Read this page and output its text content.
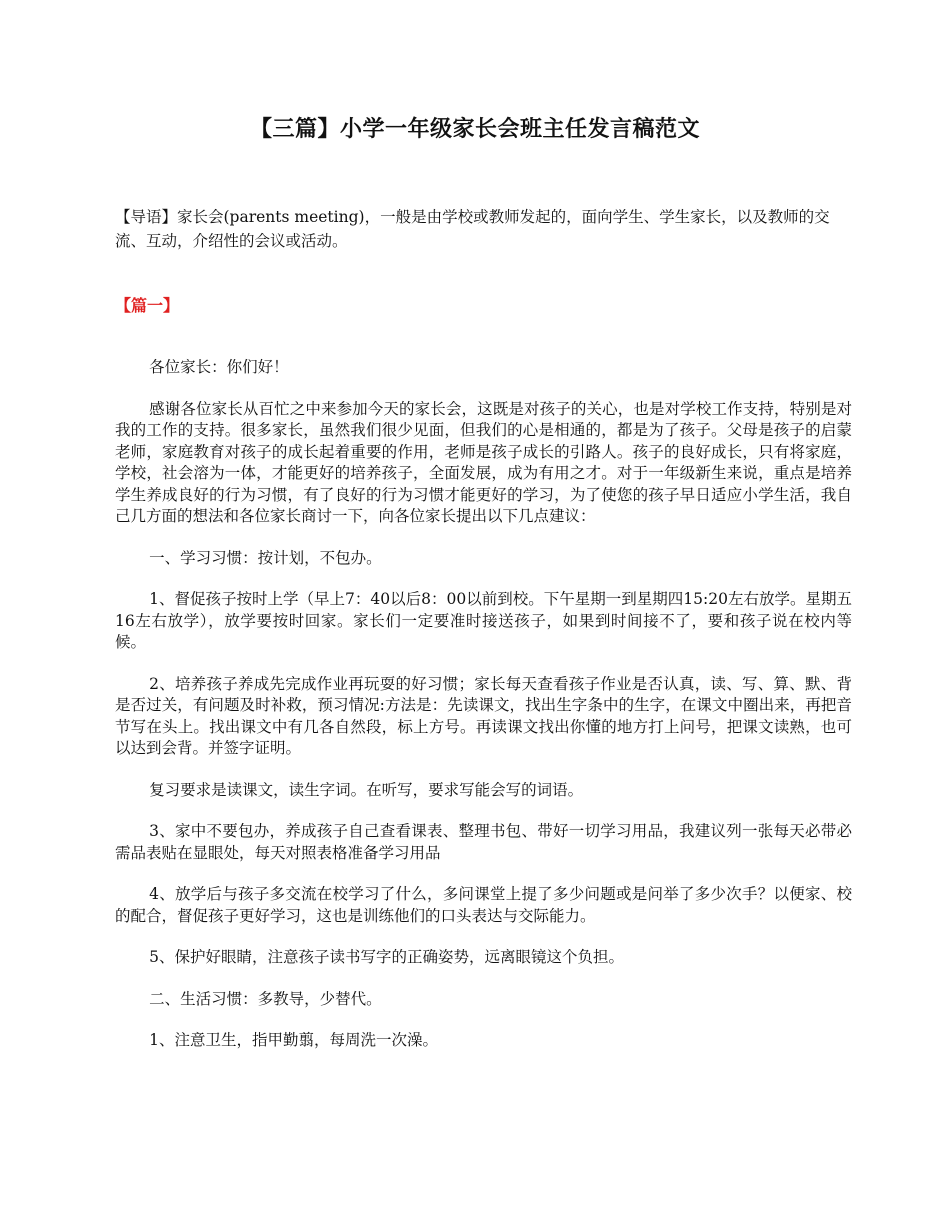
【三篇】小学一年级家长会班主任发言稿范文
【导语】家长会(parents meeting)，一般是由学校或教师发起的，面向学生、学生家长，以及教师的交流、互动，介绍性的会议或活动。
【篇一】

各位家长：你们好！

感谢各位家长从百忙之中来参加今天的家长会，这既是对孩子的关心，也是对学校工作支持，特别是对我的工作的支持。很多家长，虽然我们很少见面，但我们的心是相通的，都是为了孩子。父母是孩子的启蒙老师，家庭教育对孩子的成长起着重要的作用，老师是孩子成长的引路人。孩子的良好成长，只有将家庭，学校，社会溶为一体，才能更好的培养孩子，全面发展，成为有用之才。对于一年级新生来说，重点是培养学生养成良好的行为习惯，有了良好的行为习惯才能更好的学习，为了使您的孩子早日适应小学生活，我自己几方面的想法和各位家长商讨一下，向各位家长提出以下几点建议：

一、学习习惯：按计划，不包办。

1、督促孩子按时上学（早上7：40以后8：00以前到校。下午星期一到星期四15:20左右放学。星期五16左右放学），放学要按时回家。家长们一定要准时接送孩子，如果到时间接不了，要和孩子说在校内等候。

2、培养孩子养成先完成作业再玩耍的好习惯；家长每天查看孩子作业是否认真，读、写、算、默、背是否过关，有问题及时补救，预习情况:方法是：先读课文，找出生字条中的生字，在课文中圈出来，再把音节写在头上。找出课文中有几各自然段，标上方号。再读课文找出你懂的地方打上问号，把课文读熟，也可以达到会背。并签字证明。

复习要求是读课文，读生字词。在听写，要求写能会写的词语。

3、家中不要包办，养成孩子自己查看课表、整理书包、带好一切学习用品，我建议列一张每天必带必需品表贴在显眼处，每天对照表格准备学习用品

4、放学后与孩子多交流在校学习了什么，多问课堂上提了多少问题或是问举了多少次手？以便家、校的配合，督促孩子更好学习，这也是训练他们的口头表达与交际能力。

5、保护好眼睛，注意孩子读书写字的正确姿势，远离眼镜这个负担。

二、生活习惯：多教导，少替代。

1、注意卫生，指甲勤翦，每周洗一次澡。
